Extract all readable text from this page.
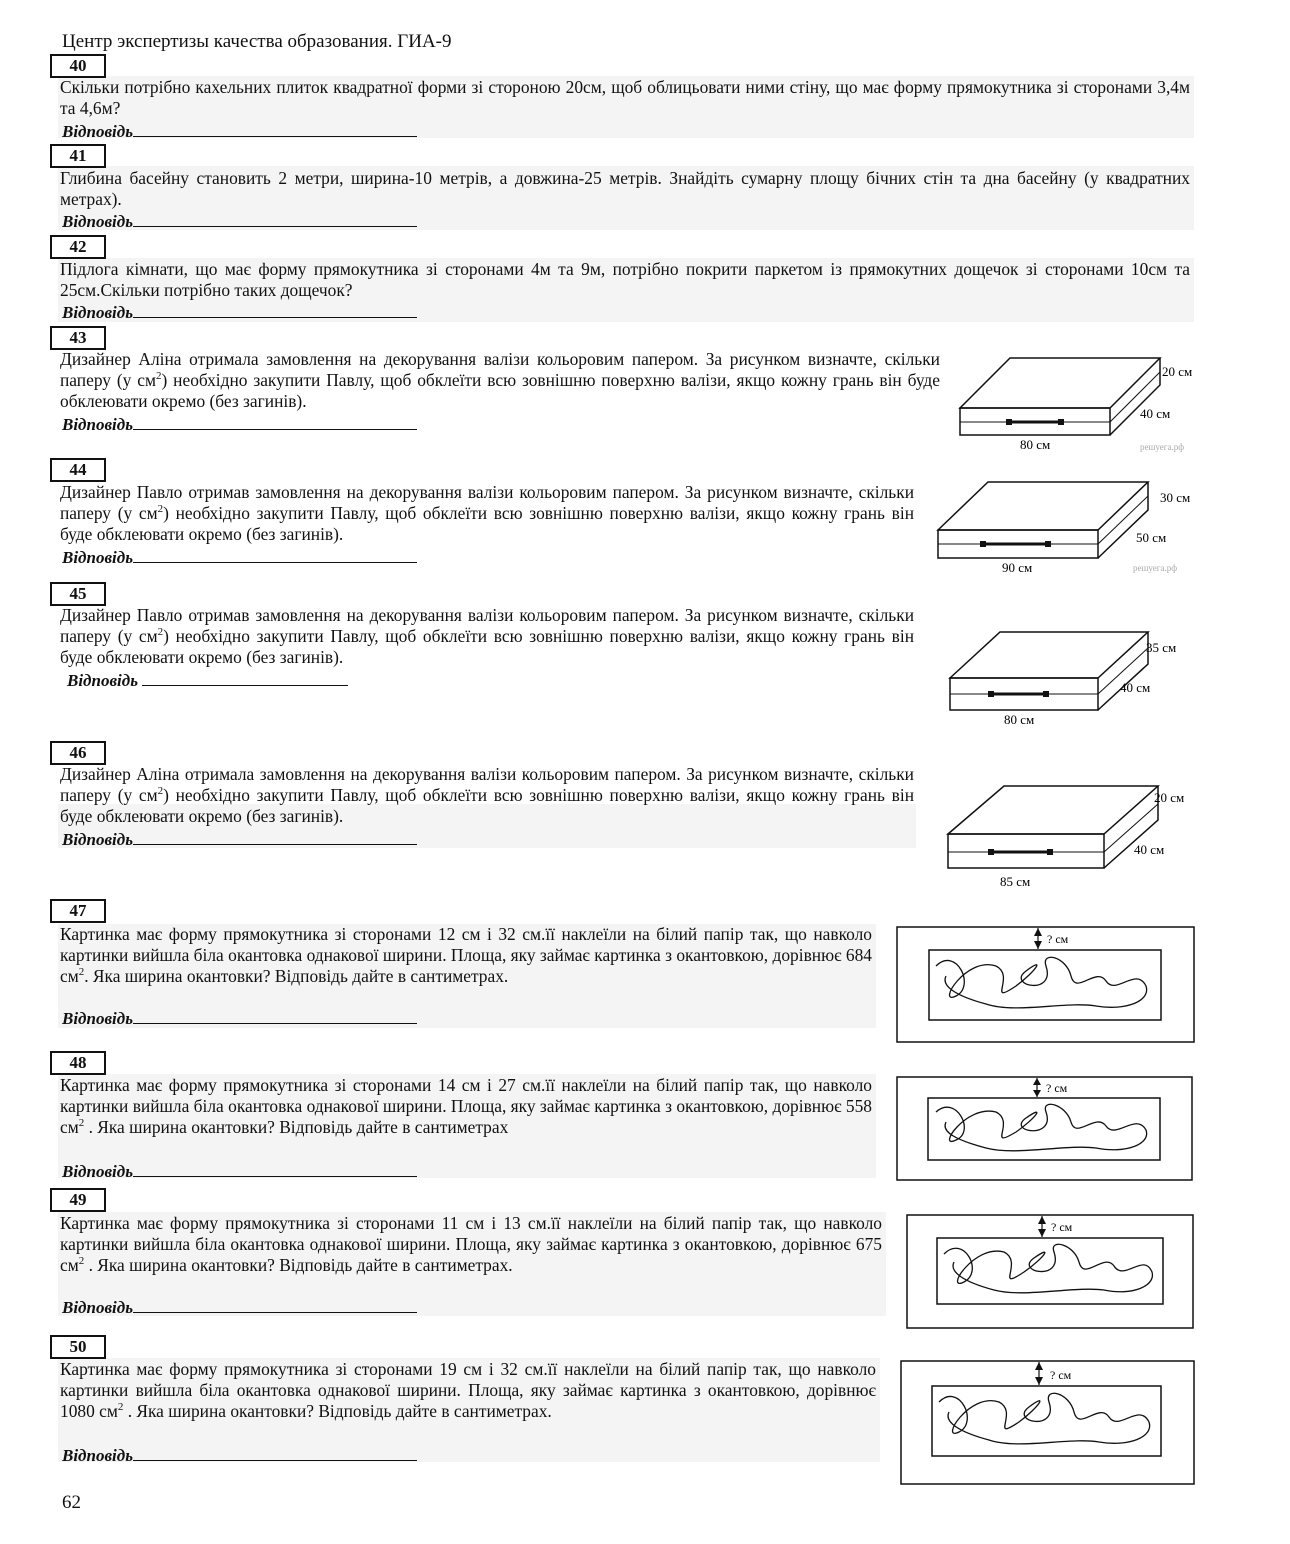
Центр экспертизы качества образования. ГИА-9
40
Скільки потрібно кахельних плиток квадратної форми зі стороною 20см, щоб облицьовати ними стіну, що має форму прямокутника зі сторонами 3,4м та 4,6м?
Відповідь
41
Глибина басейну становить 2 метри, ширина-10 метрів, а довжина-25 метрів. Знайдіть сумарну площу бічних стін та дна басейну (у квадратних метрах).
Відповідь
42
Підлога кімнати, що має форму прямокутника зі сторонами 4м та 9м, потрібно покрити паркетом із прямокутних дощечок зі сторонами 10см та 25см.Скільки потрібно таких дощечок?
Відповідь
43
Дизайнер Аліна отримала замовлення на декорування валізи кольоровим папером. За рисунком визначте, скільки паперу (у $см^2$) необхідно закупити Павлу, щоб обклеїти всю зовнішню поверхню валізи, якщо кожну грань він буде обклеювати окремо (без загинів).
Відповідь
20 см
40 см
80 см	решуега.рф
44
Дизайнер Павло отримав замовлення на декорування валізи кольоровим папером. За рисунком визначте, скільки паперу (у $см^2$) необхідно закупити Павлу, щоб обклеїти всю зовнішню поверхню валізи, якщо кожну грань він буде обклеювати окремо (без загинів).
Відповідь
30 см
50 см
90 см	решуега.рф
45
Дизайнер Павло отримав замовлення на декорування валізи кольоровим папером. За рисунком визначте, скільки паперу (у $см^2$) необхідно закупити Павлу, щоб обклеїти всю зовнішню поверхню валізи, якщо кожну грань він буде обклеювати окремо (без загинів).
Відповідь
35 см
40 см
80 см
46
Дизайнер Аліна отримала замовлення на декорування валізи кольоровим папером. За рисунком визначте, скільки паперу (у $см^2$) необхідно закупити Павлу, щоб обклеїти всю зовнішню поверхню валізи, якщо кожну грань він буде обклеювати окремо (без загинів).
Відповідь
20 см
40 см
85 см
47
Картинка має форму прямокутника зі сторонами 12 см і 32 см.її наклеїли на білий папір так, що навколо картинки вийшла біла окантовка однакової ширини. Площа, яку займає картинка з окантовкою, дорівнює 684 $см^2$. Яка ширина окантовки? Відповідь дайте в сантиметрах.
Відповідь
? см
48
Картинка має форму прямокутника зі сторонами 14 см і 27 см.її наклеїли на білий папір так, що навколо картинки вийшла біла окантовка однакової ширини. Площа, яку займає картинка з окантовкою, дорівнює 558 $см^2$ . Яка ширина окантовки? Відповідь дайте в сантиметрах
Відповідь
? см
49
Картинка має форму прямокутника зі сторонами 11 см і 13 см.її наклеїли на білий папір так, що навколо картинки вийшла біла окантовка однакової ширини. Площа, яку займає картинка з окантовкою, дорівнює 675 $см^2$ . Яка ширина окантовки? Відповідь дайте в сантиметрах.
Відповідь
? см
50
Картинка має форму прямокутника зі сторонами 19 см і 32 см.її наклеїли на білий папір так, що навколо картинки вийшла біла окантовка однакової ширини. Площа, яку займає картинка з окантовкою, дорівнює 1080 $см^2$ . Яка ширина окантовки? Відповідь дайте в сантиметрах.
Відповідь
? см
62
